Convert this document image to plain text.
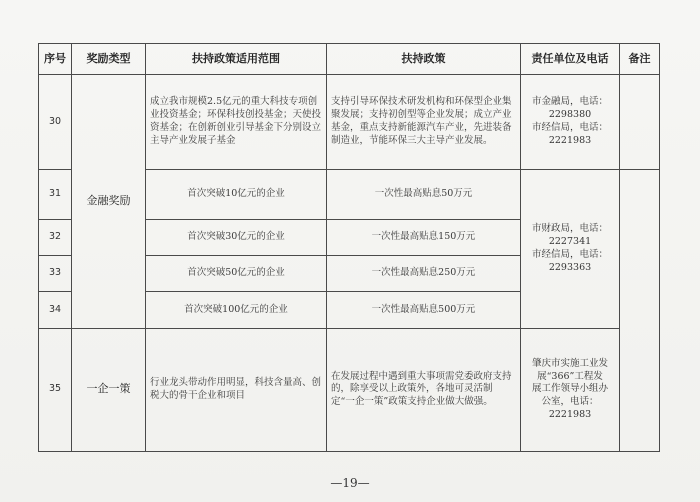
序号	奖励类型	扶持政策适用范围	扶持政策	责任单位及电话	备注
30	金融奖励	成立我市规模2.5亿元的重大科技专项创业投资基金；环保科技创投基金；天使投资基金；在创新创业引导基金下分别设立主导产业发展子基金	支持引导环保技术研发机构和环保型企业集聚发展；支持初创型等企业发展；成立产业基金，重点支持新能源汽车产业，先进装备制造业，节能环保三大主导产业发展。	市金融局，电话：
2298380
市经信局，电话：
2221983	

31		首次突破10亿元的企业	一次性最高贴息50万元	市财政局，电话：
2227341
市经信局，电话：
2293363	

32		首次突破30亿元的企业	一次性最高贴息150万元		
33		首次突破50亿元的企业	一次性最高贴息250万元		
34		首次突破100亿元的企业	一次性最高贴息500万元		
35	一企一策	行业龙头带动作用明显，科技含量高、创税大的骨干企业和项目	在发展过程中遇到重大事项需党委政府支持的，除享受以上政策外，各地可灵活制定“一企一策”政策支持企业做大做强。	肇庆市实施工业发
展“366”工程发
展工作领导小组办
公室，电话：
2221983	
—19—
